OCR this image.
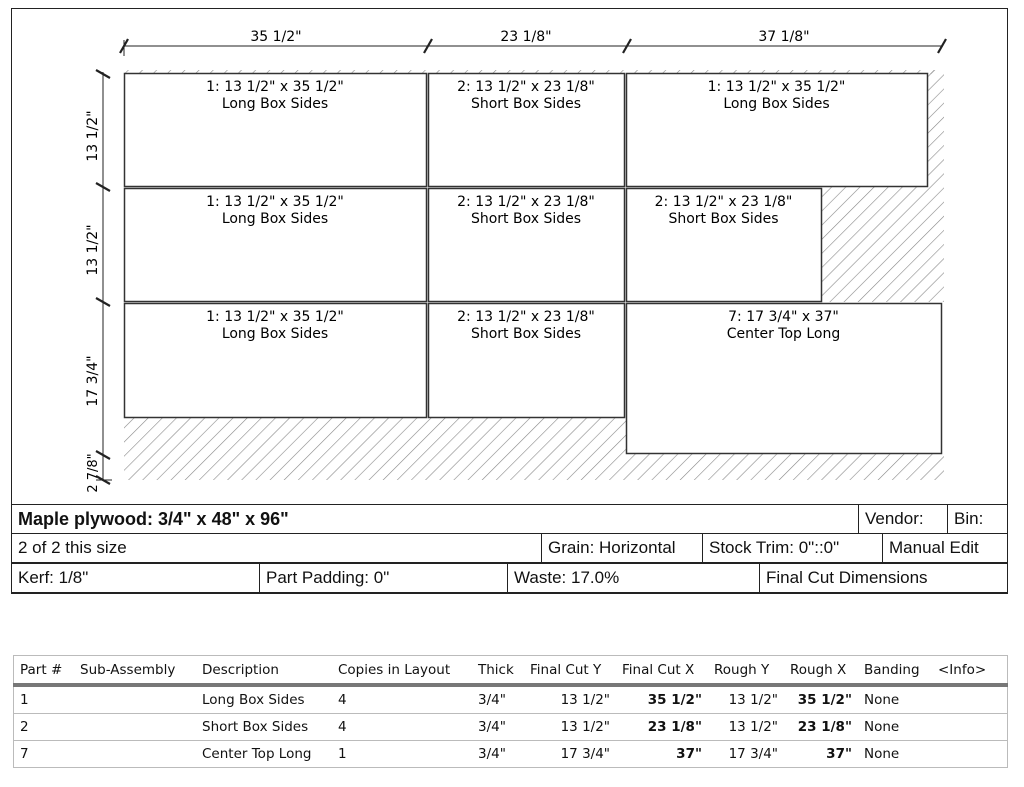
1: 13 1/2" x 35 1/2"
Long Box Sides
2: 13 1/2" x 23 1/8"
Short Box Sides
1: 13 1/2" x 35 1/2"
Long Box Sides
1: 13 1/2" x 35 1/2"
Long Box Sides
2: 13 1/2" x 23 1/8"
Short Box Sides
2: 13 1/2" x 23 1/8"
Short Box Sides
1: 13 1/2" x 35 1/2"
Long Box Sides
2: 13 1/2" x 23 1/8"
Short Box Sides
7: 17 3/4" x 37"
Center Top Long
35 1/2"	23 1/8"	37 1/8"
13 1/2"
13 1/2"
17 3/4"
2 7/8"
Maple plywood: 3/4" x 48" x 96"	Vendor:	Bin:
2 of 2 this size	Grain: Horizontal	Stock Trim: 0"::0"	Manual Edit
Kerf: 1/8"	Part Padding: 0"	Waste: 17.0%	Final Cut Dimensions
Part #	Sub-Assembly	Description	Copies in Layout	Thick	Final Cut Y	Final Cut X	Rough Y	Rough X	Banding	<Info>
1		Long Box Sides	4	3/4"	13 1/2"	35 1/2"	13 1/2"	35 1/2"	None	
2		Short Box Sides	4	3/4"	13 1/2"	23 1/8"	13 1/2"	23 1/8"	None	
7		Center Top Long	1	3/4"	17 3/4"	37"	17 3/4"	37"	None	
